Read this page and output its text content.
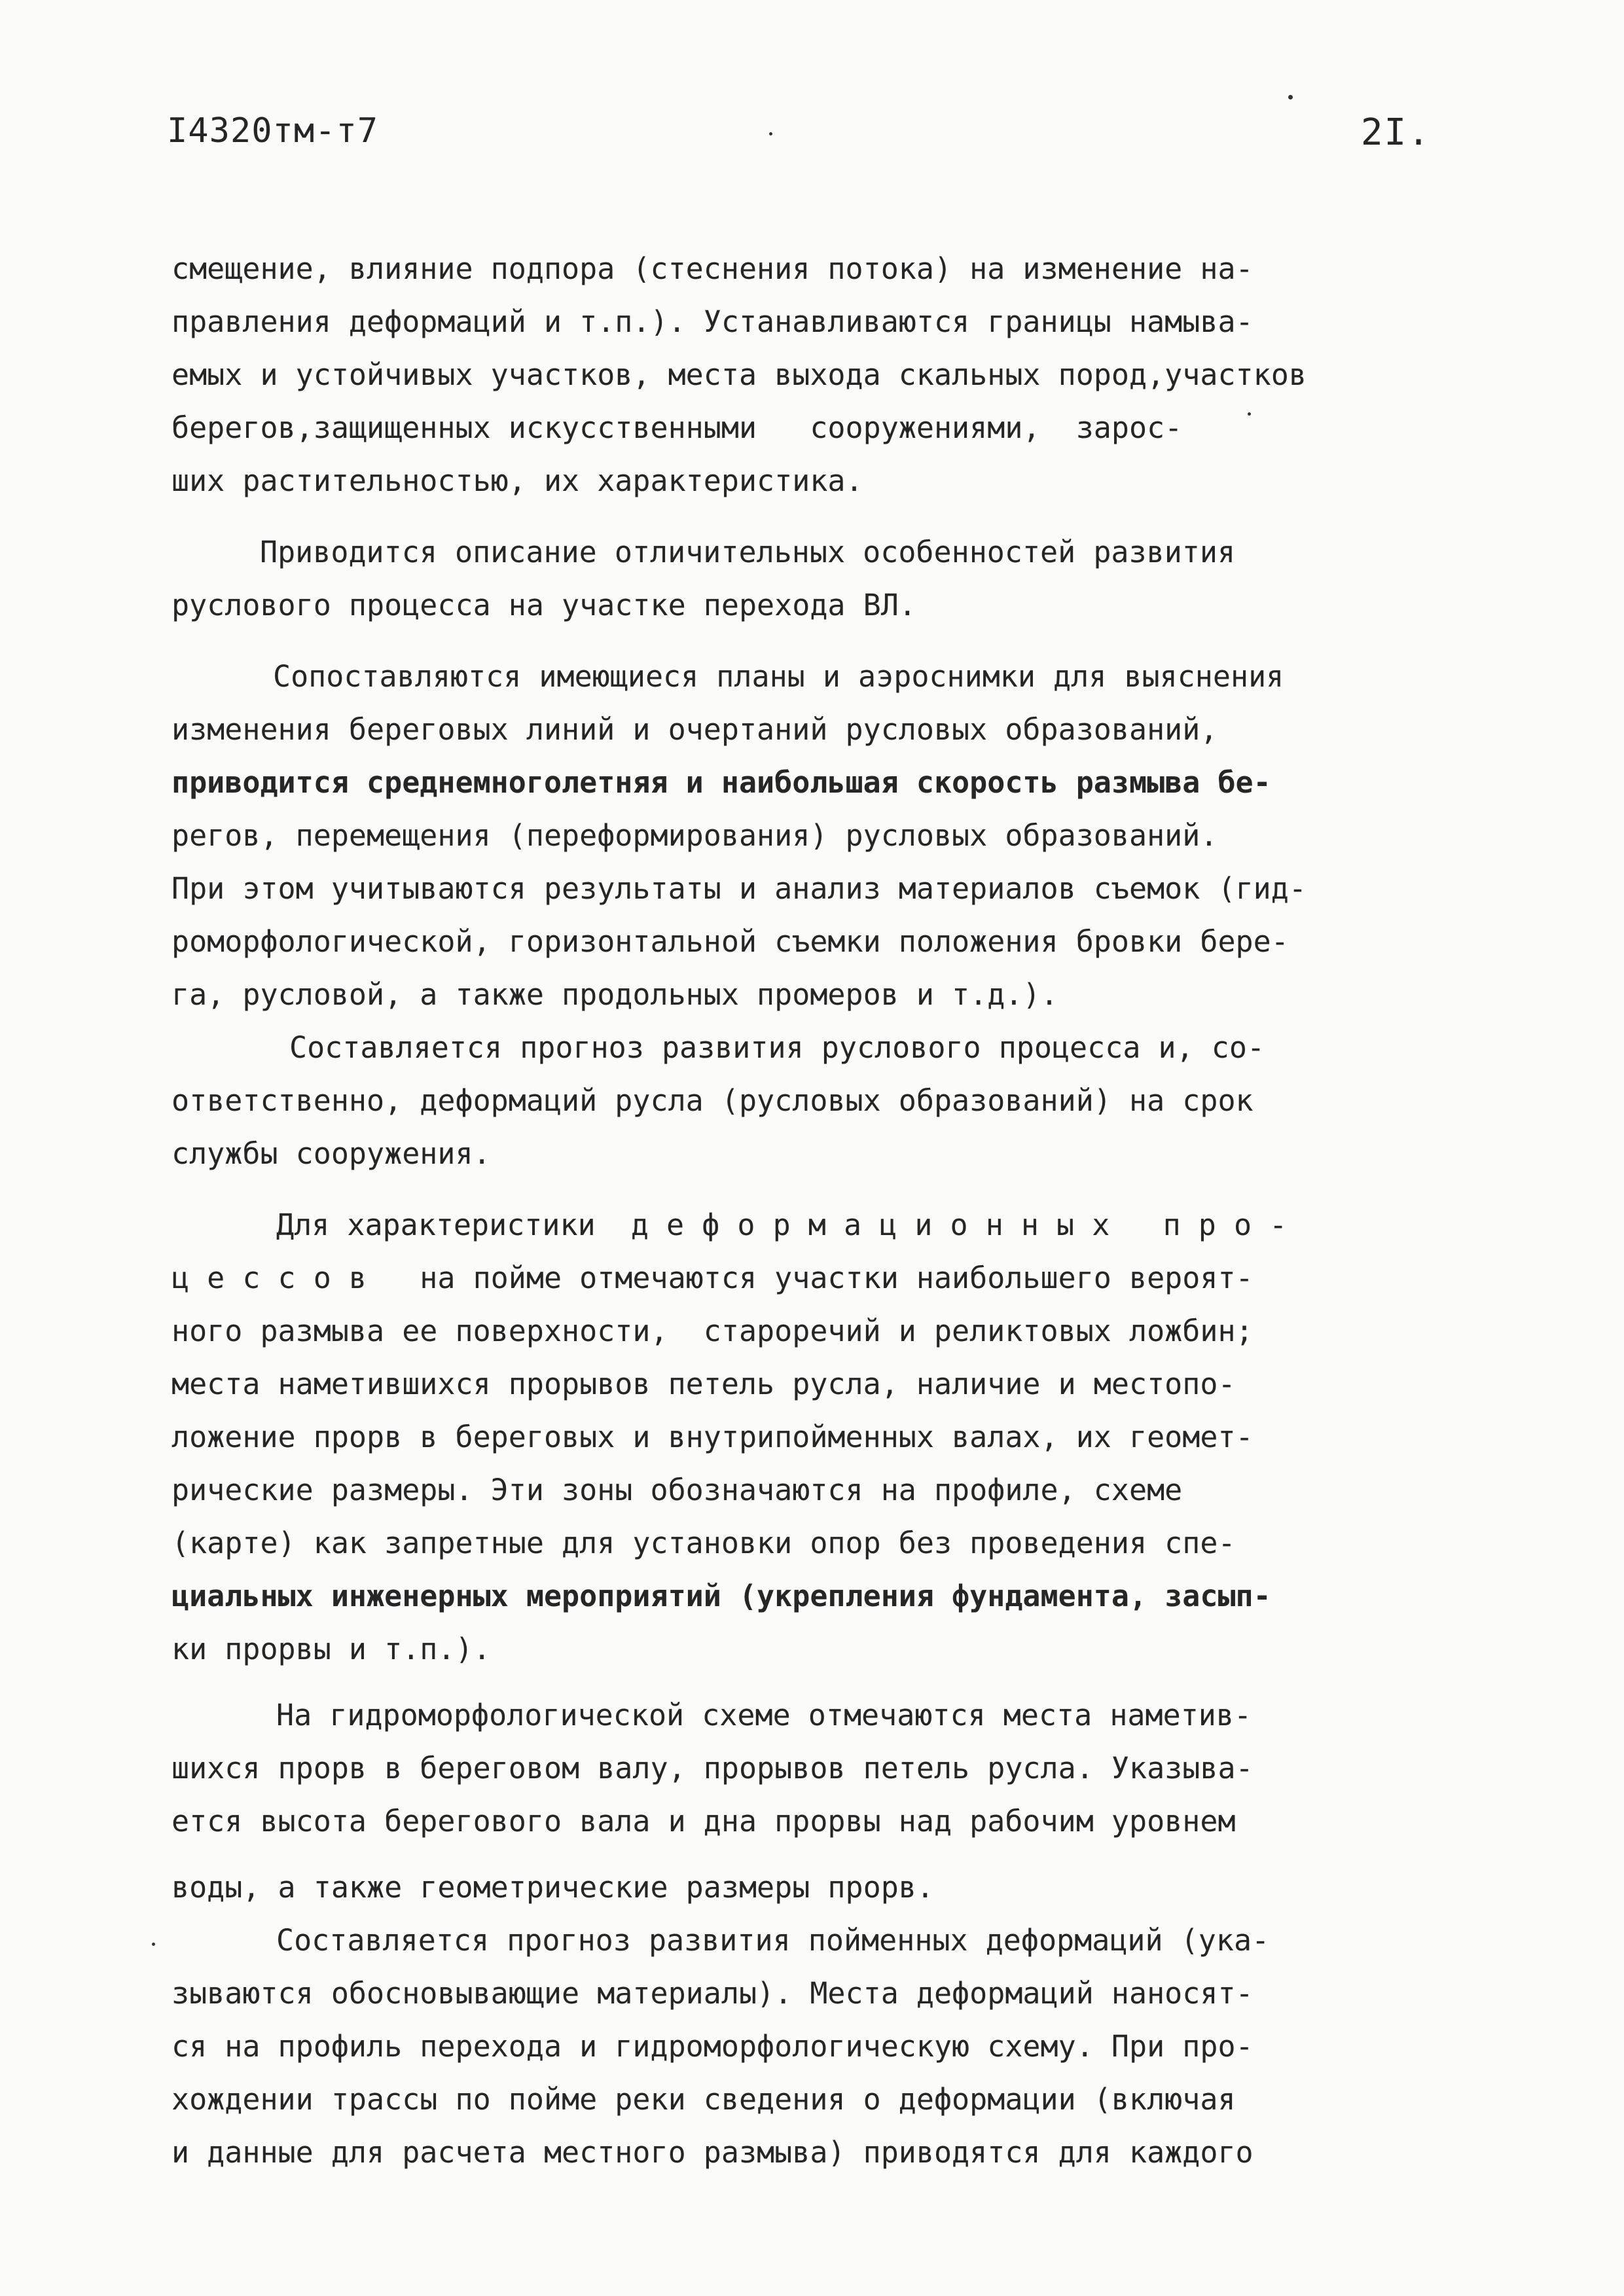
I4320тм-т7	2I.
смещение, влияние подпора (стеснения потока) на изменение на-
правления деформаций и т.п.). Устанавливаются границы намыва-
емых и устойчивых участков, места выхода скальных пород,участков
берегов,защищенных искусственными   сооружениями,  зарос-
ших растительностью, их характеристика.
Приводится описание отличительных особенностей развития
руслового процесса на участке перехода ВЛ.
Сопоставляются имеющиеся планы и аэроснимки для выяснения
изменения береговых линий и очертаний русловых образований,
приводится среднемноголетняя и наибольшая скорость размыва бе-
регов, перемещения (переформирования) русловых образований.
При этом учитываются результаты и анализ материалов съемок (гид-
роморфологической, горизонтальной съемки положения бровки бере-
га, русловой, а также продольных промеров и т.д.).
Составляется прогноз развития руслового процесса и, со-
ответственно, деформаций русла (русловых образований) на срок
службы сооружения.
Для характеристики  д е ф о р м а ц и о н н ы х   п р о -
ц е с с о в   на пойме отмечаются участки наибольшего вероят-
ного размыва ее поверхности,  староречий и реликтовых ложбин;
места наметившихся прорывов петель русла, наличие и местопо-
ложение прорв в береговых и внутрипойменных валах, их геомет-
рические размеры. Эти зоны обозначаются на профиле, схеме
(карте) как запретные для установки опор без проведения спе-
циальных инженерных мероприятий (укрепления фундамента, засып-
ки прорвы и т.п.).
На гидроморфологической схеме отмечаются места наметив-
шихся прорв в береговом валу, прорывов петель русла. Указыва-
ется высота берегового вала и дна прорвы над рабочим уровнем
воды, а также геометрические размеры прорв.
Составляется прогноз развития пойменных деформаций (ука-
зываются обосновывающие материалы). Места деформаций наносят-
ся на профиль перехода и гидроморфологическую схему. При про-
хождении трассы по пойме реки сведения о деформации (включая
и данные для расчета местного размыва) приводятся для каждого
